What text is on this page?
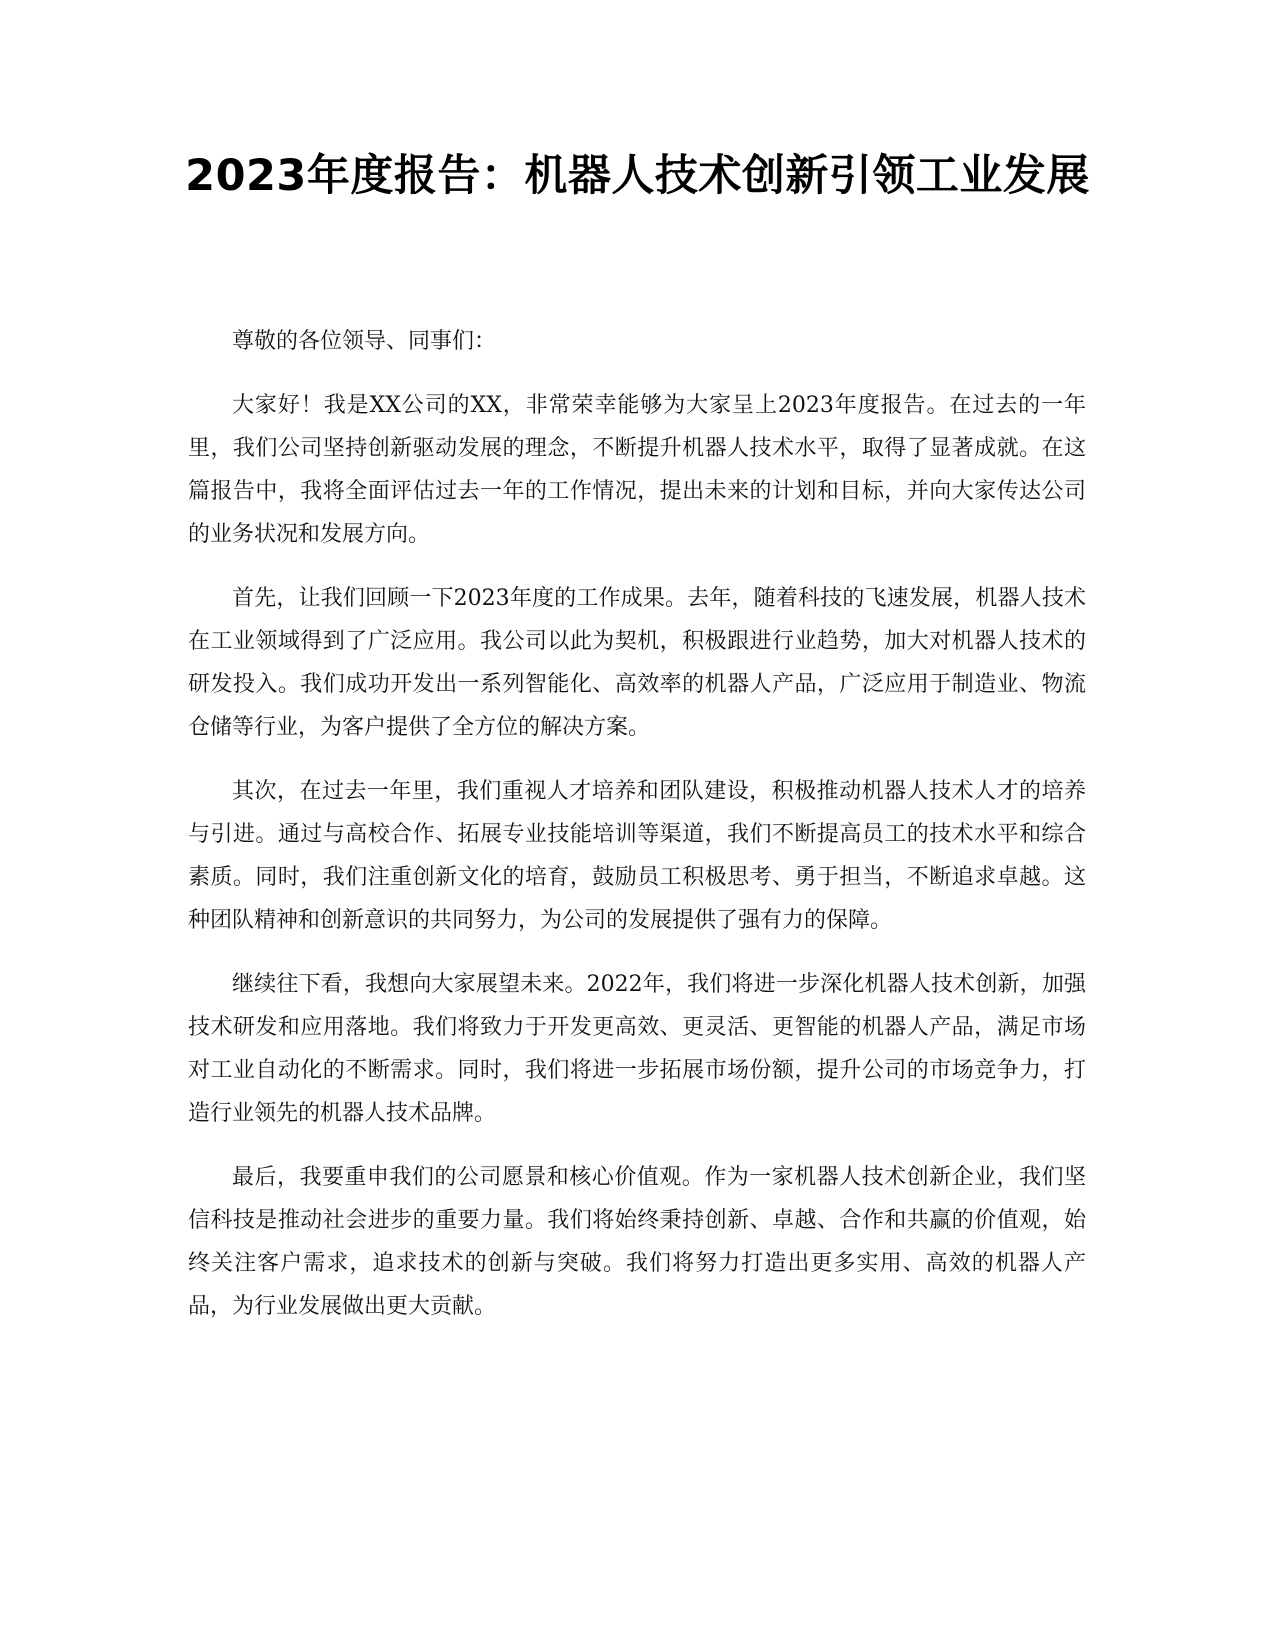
2023年度报告：机器人技术创新引领工业发展

尊敬的各位领导、同事们：

大家好！我是XX公司的XX，非常荣幸能够为大家呈上2023年度报告。在过去的一年里，我们公司坚持创新驱动发展的理念，不断提升机器人技术水平，取得了显著成就。在这篇报告中，我将全面评估过去一年的工作情况，提出未来的计划和目标，并向大家传达公司的业务状况和发展方向。

首先，让我们回顾一下2023年度的工作成果。去年，随着科技的飞速发展，机器人技术在工业领域得到了广泛应用。我公司以此为契机，积极跟进行业趋势，加大对机器人技术的研发投入。我们成功开发出一系列智能化、高效率的机器人产品，广泛应用于制造业、物流仓储等行业，为客户提供了全方位的解决方案。

其次，在过去一年里，我们重视人才培养和团队建设，积极推动机器人技术人才的培养与引进。通过与高校合作、拓展专业技能培训等渠道，我们不断提高员工的技术水平和综合素质。同时，我们注重创新文化的培育，鼓励员工积极思考、勇于担当，不断追求卓越。这种团队精神和创新意识的共同努力，为公司的发展提供了强有力的保障。

继续往下看，我想向大家展望未来。2022年，我们将进一步深化机器人技术创新，加强技术研发和应用落地。我们将致力于开发更高效、更灵活、更智能的机器人产品，满足市场对工业自动化的不断需求。同时，我们将进一步拓展市场份额，提升公司的市场竞争力，打造行业领先的机器人技术品牌。

最后，我要重申我们的公司愿景和核心价值观。作为一家机器人技术创新企业，我们坚信科技是推动社会进步的重要力量。我们将始终秉持创新、卓越、合作和共赢的价值观，始终关注客户需求，追求技术的创新与突破。我们将努力打造出更多实用、高效的机器人产品，为行业发展做出更大贡献。
